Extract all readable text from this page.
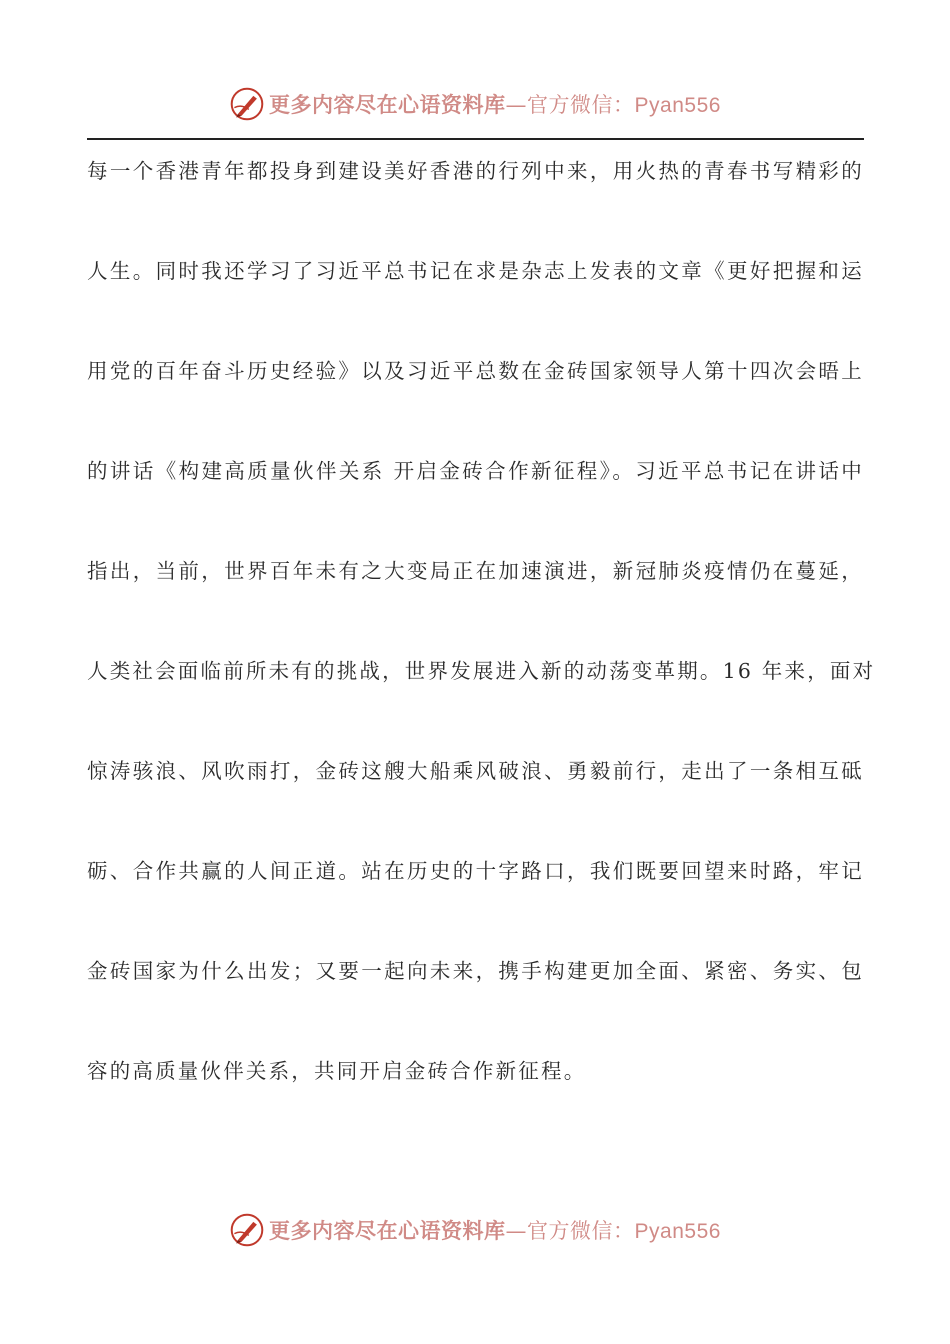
更多内容尽在心语资料库—官方微信：Pyan556
每一个香港青年都投身到建设美好香港的行列中来，用火热的青春书写精彩的
人生。同时我还学习了习近平总书记在求是杂志上发表的文章《更好把握和运
用党的百年奋斗历史经验》以及习近平总数在金砖国家领导人第十四次会晤上
的讲话《构建高质量伙伴关系 开启金砖合作新征程》。习近平总书记在讲话中
指出，当前，世界百年未有之大变局正在加速演进，新冠肺炎疫情仍在蔓延，
人类社会面临前所未有的挑战，世界发展进入新的动荡变革期。16 年来，面对
惊涛骇浪、风吹雨打，金砖这艘大船乘风破浪、勇毅前行，走出了一条相互砥
砺、合作共赢的人间正道。站在历史的十字路口，我们既要回望来时路，牢记
金砖国家为什么出发；又要一起向未来，携手构建更加全面、紧密、务实、包
容的高质量伙伴关系，共同开启金砖合作新征程。
更多内容尽在心语资料库—官方微信：Pyan556
